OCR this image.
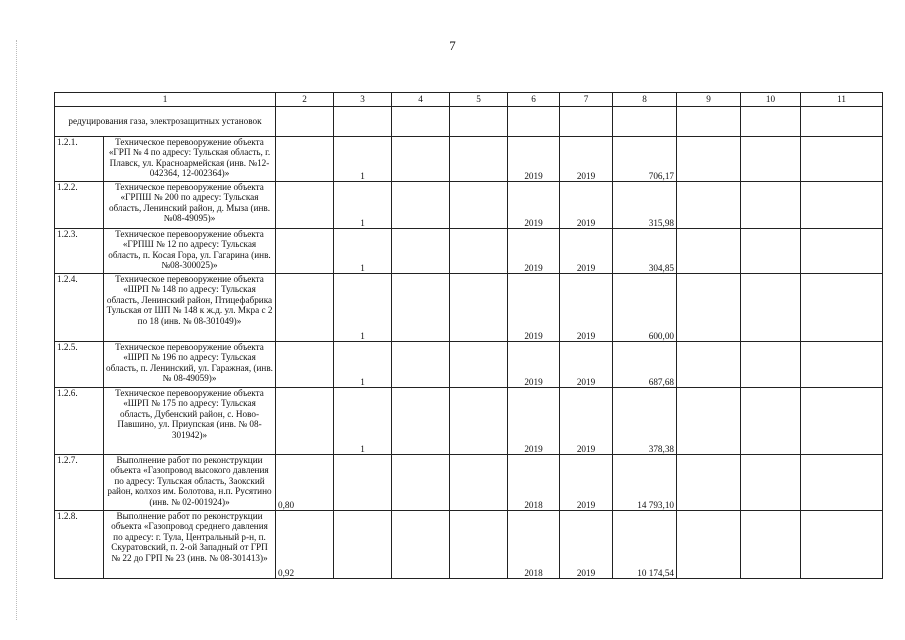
7
1		2	3	4	5	6	7	8	9	10	11	
редуцирования газа, электрозащитных установок												
1.2.1.	Техническое перевооружение объекта «ГРП № 4 по адресу: Тульская область, г. Плавск, ул. Красноармейская (инв. №12-042364, 12-002364)»		1			2019	2019	706,17				
1.2.2.	Техническое перевооружение объекта «ГРПШ № 200 по адресу: Тульская область, Ленинский район, д. Мыза (инв. №08-49095)»		1			2019	2019	315,98				
1.2.3.	Техническое перевооружение объекта «ГРПШ № 12 по адресу: Тульская область, п. Косая Гора, ул. Гагарина (инв. №08-300025)»		1			2019	2019	304,85				
1.2.4.	Техническое перевооружение объекта «ШРП № 148 по адресу: Тульская область, Ленинский район, Птицефабрика Тульская от ШП № 148 к ж.д. ул. Мкра с 2 по 18 (инв. № 08-301049)»		1			2019	2019	600,00				
1.2.5.	Техническое перевооружение объекта «ШРП № 196 по адресу: Тульская область, п. Ленинский, ул. Гаражная, (инв. № 08-49059)»		1			2019	2019	687,68				
1.2.6.	Техническое перевооружение объекта «ШРП № 175 по адресу: Тульская область, Дубенский район, с. Ново-Павшино, ул. Приупская (инв. № 08-301942)»		1			2019	2019	378,38				
1.2.7.	Выполнение работ по реконструкции объекта «Газопровод высокого давления по адресу: Тульская область, Заокский район, колхоз им. Болотова, н.п. Русятино (инв. № 02-001924)»	0,80				2018	2019	14 793,10				
1.2.8.	Выполнение работ по реконструкции объекта «Газопровод среднего давления по адресу: г. Тула, Центральный р-н, п. Скуратовский, п. 2-ой Западный от ГРП № 22 до ГРП № 23 (инв. № 08-301413)»	0,92				2018	2019	10 174,54				
